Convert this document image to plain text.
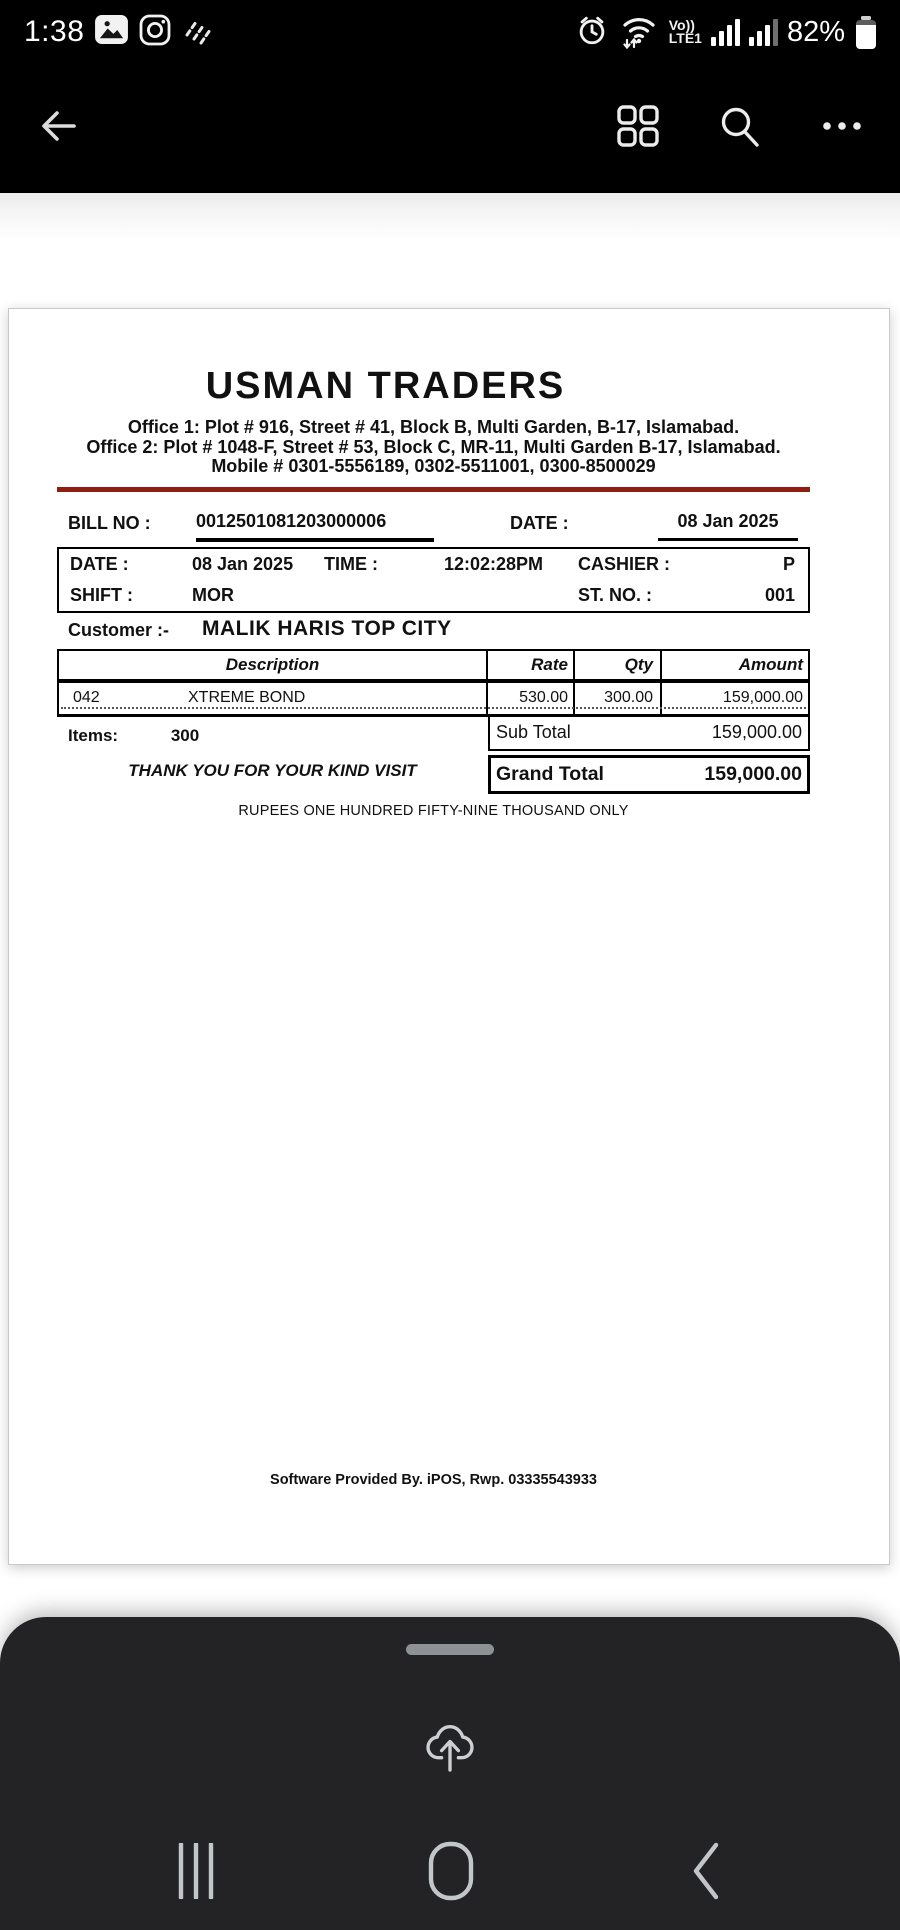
1:38	Vo))
LTE1	82%
USMAN TRADERS
Office 1: Plot # 916, Street # 41, Block B, Multi Garden, B-17, Islamabad.
Office 2: Plot # 1048-F, Street # 53, Block C, MR-11, Multi Garden B-17, Islamabad.
Mobile # 0301-5556189, 0302-5511001, 0300-8500029
BILL NO :	0012501081203000006	DATE :	08 Jan 2025
DATE :	08 Jan 2025	TIME :	12:02:28PM	CASHIER :	P
SHIFT :	MOR	ST. NO. :	001
Customer :- MALIK HARIS TOP CITY
Description	Rate	Qty	Amount
042	XTREME BOND	530.00	300.00	159,000.00
Items:	300
THANK YOU FOR YOUR KIND VISIT
Sub Total	159,000.00
Grand Total	159,000.00
RUPEES ONE HUNDRED FIFTY-NINE THOUSAND ONLY
Software Provided By. iPOS, Rwp. 03335543933
